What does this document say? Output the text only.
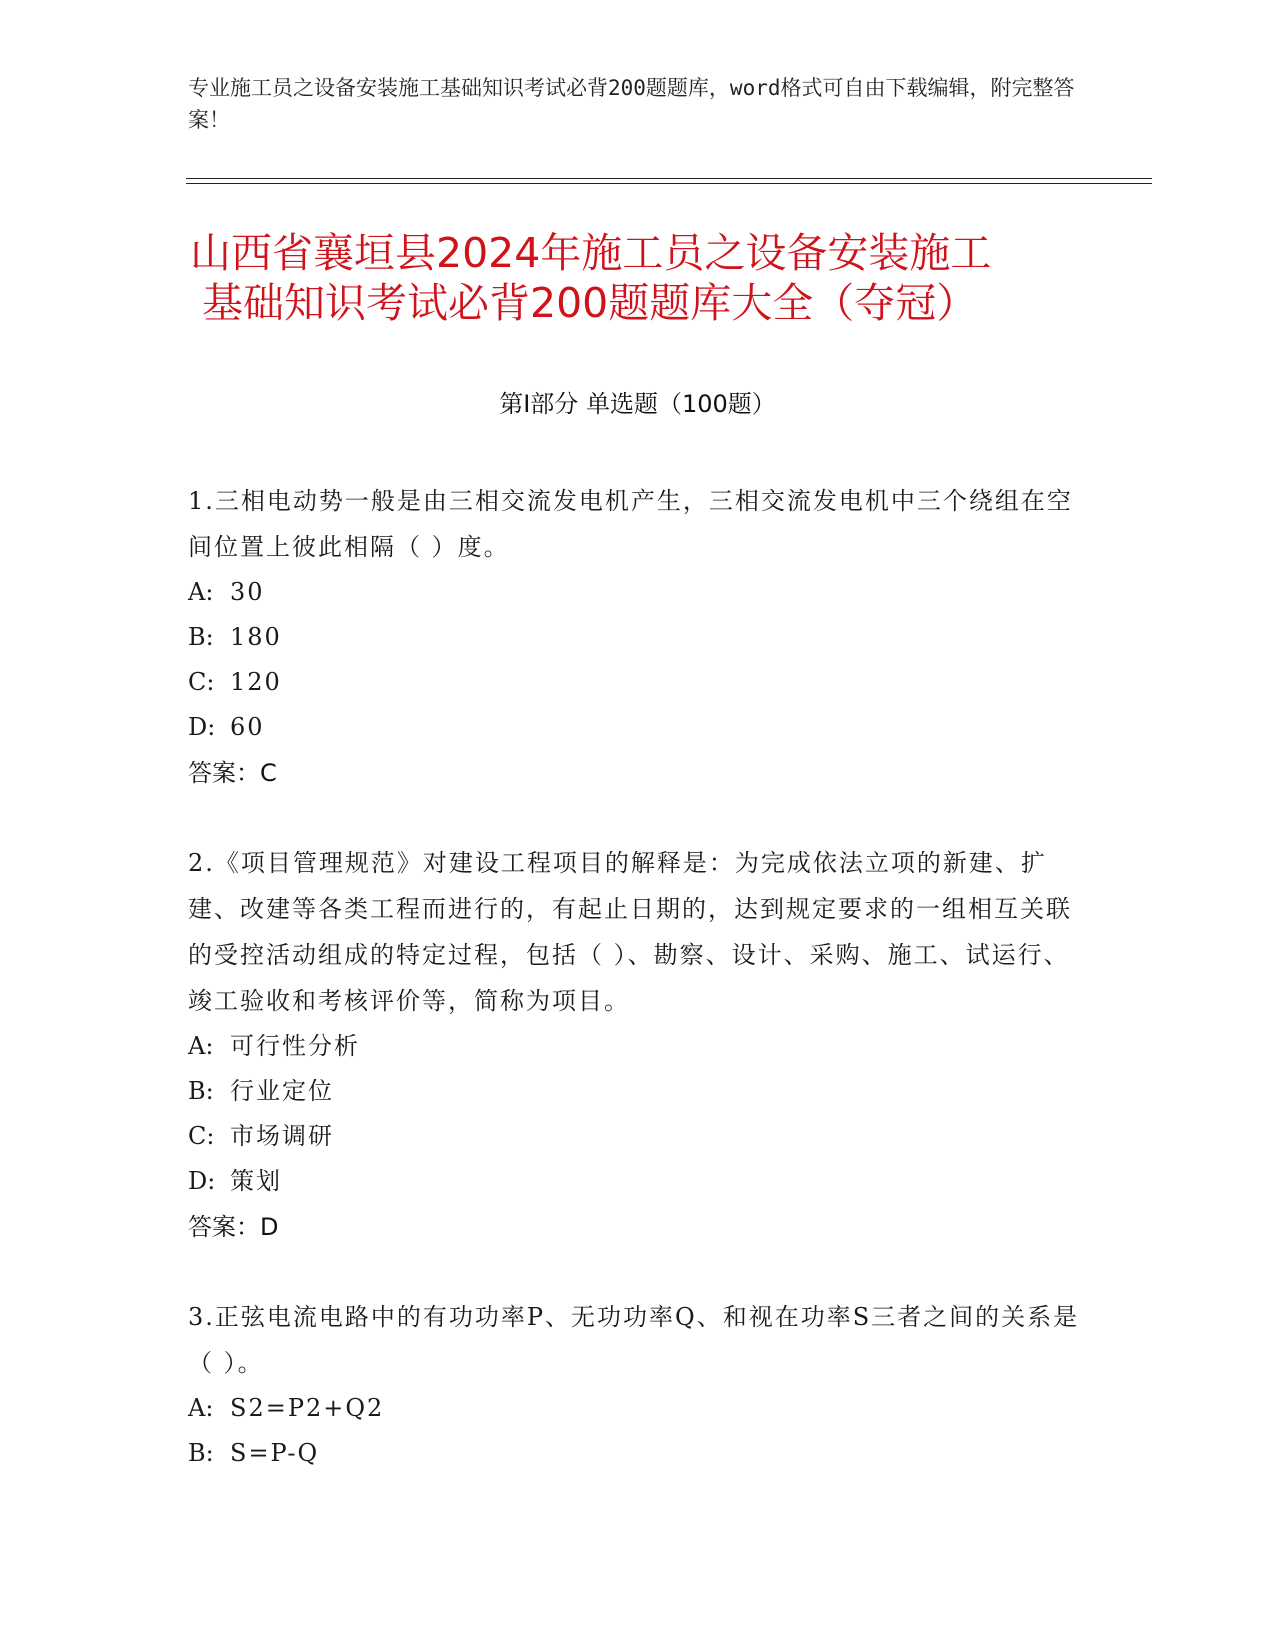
专业施工员之设备安装施工基础知识考试必背200题题库，word格式可自由下载编辑，附完整答案！
山西省襄垣县2024年施工员之设备安装施工
基础知识考试必背200题题库大全（夺冠）
第Ⅰ部分 单选题（100题）
1.三相电动势一般是由三相交流发电机产生，三相交流发电机中三个绕组在空间位置上彼此相隔（ ）度。
A: 30
B: 180
C: 120
D: 60
答案：C
2.《项目管理规范》对建设工程项目的解释是：为完成依法立项的新建、扩建、改建等各类工程而进行的，有起止日期的，达到规定要求的一组相互关联的受控活动组成的特定过程，包括（ ）、勘察、设计、采购、施工、试运行、竣工验收和考核评价等，简称为项目。
A: 可行性分析
B: 行业定位
C: 市场调研
D: 策划
答案：D
3.正弦电流电路中的有功功率P、无功功率Q、和视在功率S三者之间的关系是（ ）。
A: S2=P2+Q2
B: S=P-Q
